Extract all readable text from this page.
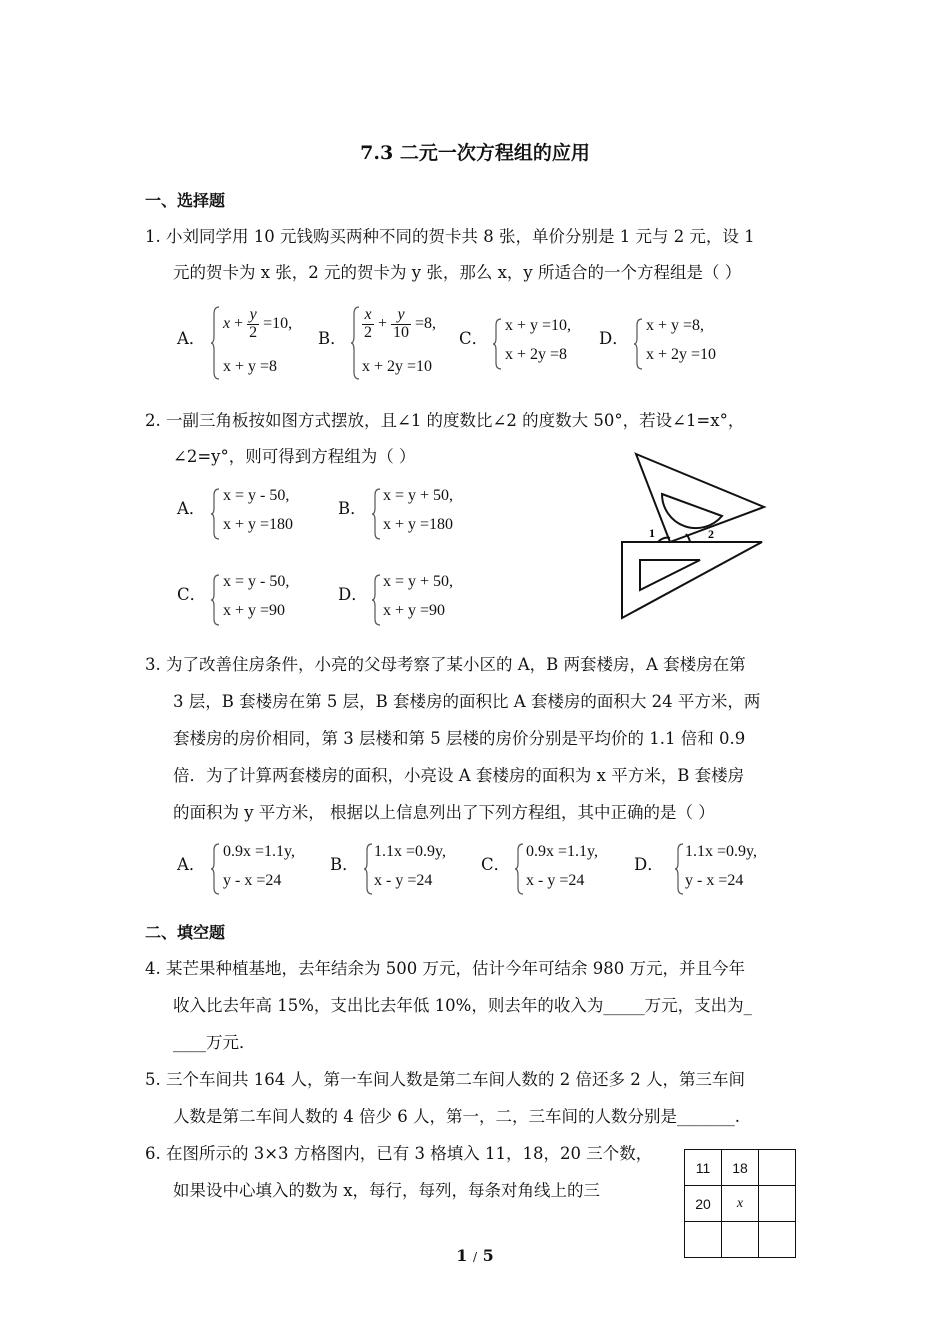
7.3 二元一次方程组的应用
一、选择题
1. 小刘同学用 10 元钱购买两种不同的贺卡共 8 张，单价分别是 1 元与 2 元，设 1
元的贺卡为 x 张，2 元的贺卡为 y 张，那么 x，y 所适合的一个方程组是（ ）
A．
$x + \frac{y}{2} =10$,
x + y =8
B． $\frac{x}{2} + \frac{y}{10} =8$,
x + 2y =10
C．
x + y =10,
x + 2y =8
D．
x + y =8,
x + 2y =10
2. 一副三角板按如图方式摆放，且∠1 的度数比∠2 的度数大 50°，若设∠1=x°，
∠2=y°，则可得到方程组为（ ）
A．
x = y - 50,
x + y =180
B．
x = y + 50,
x + y =180
C．
x = y - 50,
x + y =90
D．
x = y + 50,
x + y =90
1	2
3. 为了改善住房条件，小亮的父母考察了某小区的 A，B 两套楼房，A 套楼房在第
3 层，B 套楼房在第 5 层，B 套楼房的面积比 A 套楼房的面积大 24 平方米，两
套楼房的房价相同，第 3 层楼和第 5 层楼的房价分别是平均价的 1.1 倍和 0.9
倍．为了计算两套楼房的面积，小亮设 A 套楼房的面积为 x 平方米，B 套楼房
的面积为 y 平方米， 根据以上信息列出了下列方程组，其中正确的是（ ）
A．
0.9x =1.1y,
y - x =24
B．
1.1x =0.9y,
x - y =24
C．
0.9x =1.1y,
x - y =24
D．
1.1x =0.9y,
y - x =24
二、填空题
4. 某芒果种植基地，去年结余为 500 万元，估计今年可结余 980 万元，并且今年
收入比去年高 15%，支出比去年低 10%，则去年的收入为_____万元，支出为_
____万元．
5. 三个车间共 164 人，第一车间人数是第二车间人数的 2 倍还多 2 人，第三车间
人数是第二车间人数的 4 倍少 6 人，第一，二，三车间的人数分别是_______.
6. 在图所示的 3×3 方格图内，已有 3 格填入 11，18，20 三个数，
如果设中心填入的数为 x，每行，每列，每条对角线上的三
11	18	
20	x	

1 / 5
